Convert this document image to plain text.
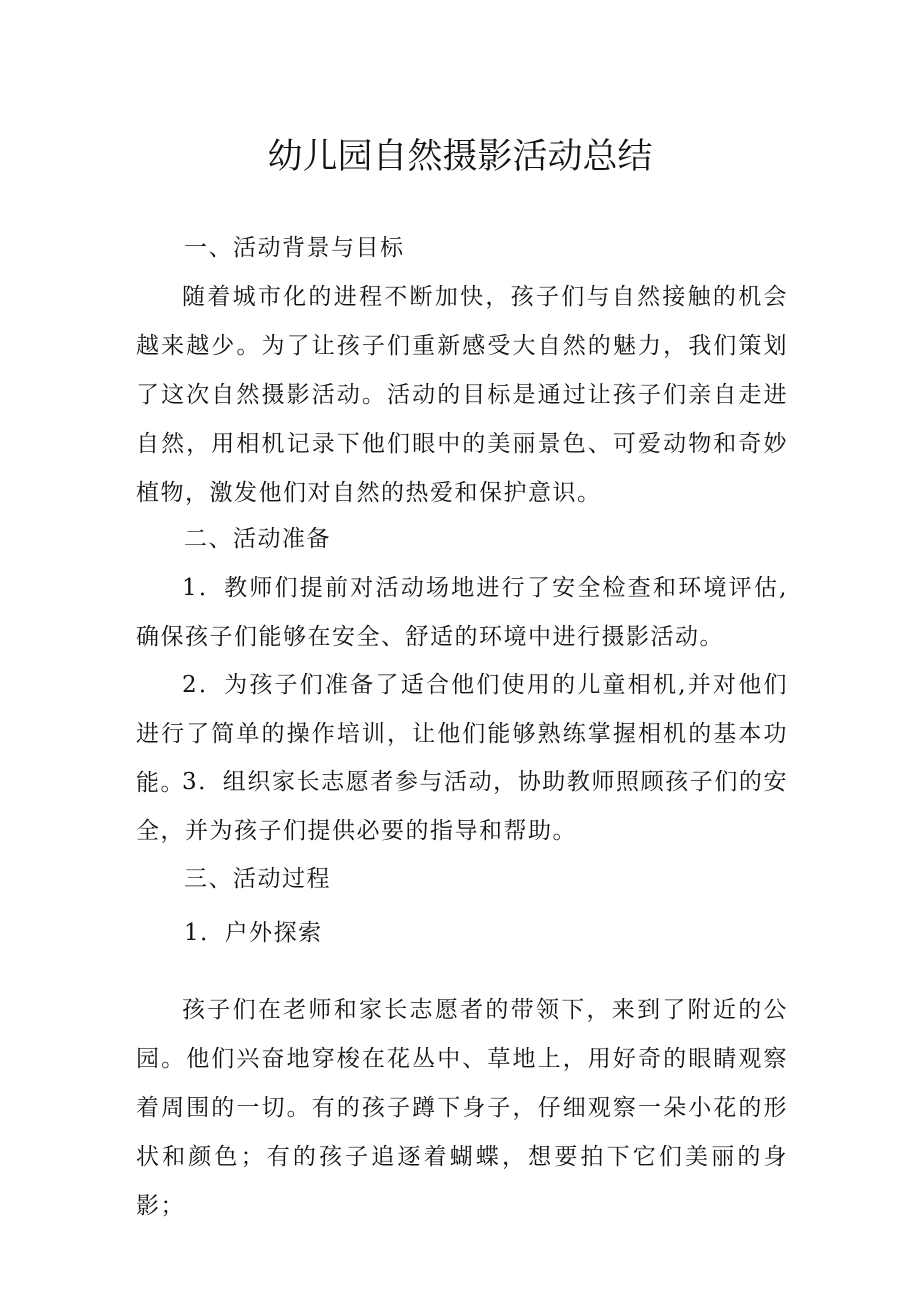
幼儿园自然摄影活动总结

一、活动背景与目标

随着城市化的进程不断加快，孩子们与自然接触的机会越来越少。为了让孩子们重新感受大自然的魅力，我们策划了这次自然摄影活动。活动的目标是通过让孩子们亲自走进自然，用相机记录下他们眼中的美丽景色、可爱动物和奇妙植物，激发他们对自然的热爱和保护意识。

二、活动准备

1．教师们提前对活动场地进行了安全检查和环境评估,确保孩子们能够在安全、舒适的环境中进行摄影活动。

2．为孩子们准备了适合他们使用的儿童相机,并对他们进行了简单的操作培训，让他们能够熟练掌握相机的基本功能。

3．组织家长志愿者参与活动，协助教师照顾孩子们的安全，并为孩子们提供必要的指导和帮助。

三、活动过程

1．户外探索

孩子们在老师和家长志愿者的带领下，来到了附近的公园。他们兴奋地穿梭在花丛中、草地上，用好奇的眼睛观察着周围的一切。有的孩子蹲下身子，仔细观察一朵小花的形状和颜色；有的孩子追逐着蝴蝶，想要拍下它们美丽的身影；
